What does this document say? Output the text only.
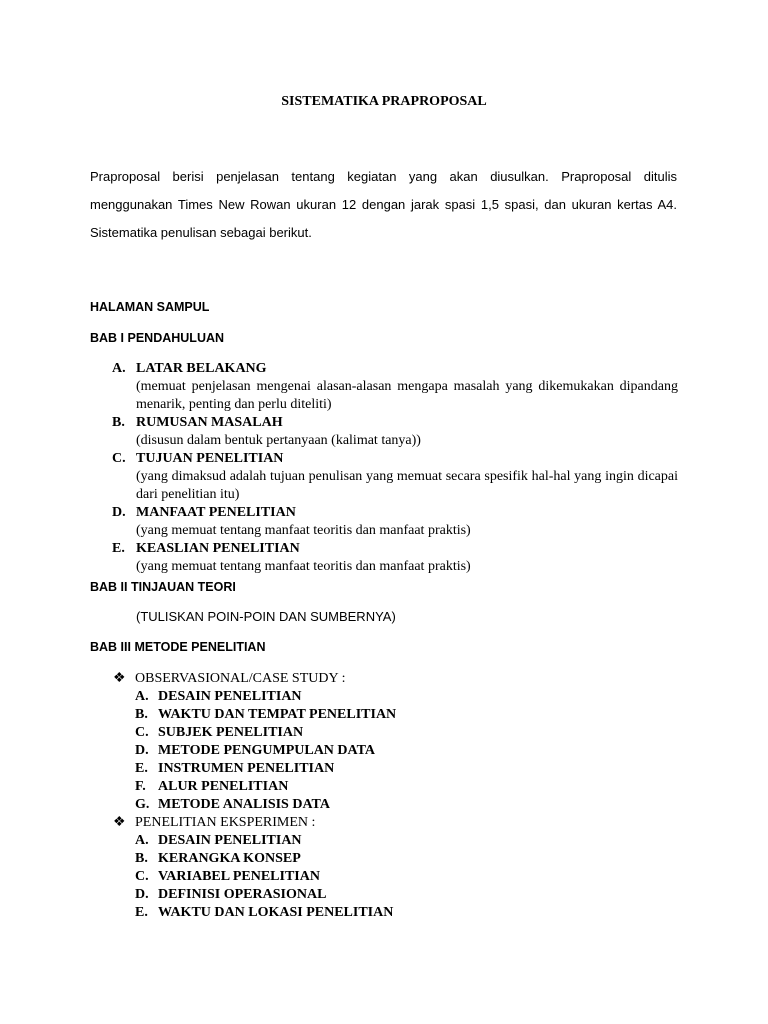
SISTEMATIKA PRAPROPOSAL

Praproposal berisi penjelasan tentang kegiatan yang akan diusulkan. Praproposal ditulis menggunakan Times New Rowan ukuran 12 dengan jarak spasi 1,5 spasi, dan ukuran kertas A4. Sistematika penulisan sebagai berikut.

HALAMAN SAMPUL

BAB I PENDAHULUAN

A. LATAR BELAKANG
(memuat penjelasan mengenai alasan-alasan mengapa masalah yang dikemukakan dipandang menarik, penting dan perlu diteliti)
B. RUMUSAN MASALAH
(disusun dalam bentuk pertanyaan (kalimat tanya))
C. TUJUAN PENELITIAN
(yang dimaksud adalah tujuan penulisan yang memuat secara spesifik hal-hal yang ingin dicapai dari penelitian itu)
D. MANFAAT PENELITIAN
(yang memuat tentang manfaat teoritis dan manfaat praktis)
E. KEASLIAN PENELITIAN
(yang memuat tentang manfaat teoritis dan manfaat praktis)

BAB II TINJAUAN TEORI

(TULISKAN POIN-POIN DAN SUMBERNYA)

BAB III METODE PENELITIAN

❖ OBSERVASIONAL/CASE STUDY :
A. DESAIN PENELITIAN
B. WAKTU DAN TEMPAT PENELITIAN
C. SUBJEK PENELITIAN
D. METODE PENGUMPULAN DATA
E. INSTRUMEN PENELITIAN
F. ALUR PENELITIAN
G. METODE ANALISIS DATA
❖ PENELITIAN EKSPERIMEN :
A. DESAIN PENELITIAN
B. KERANGKA KONSEP
C. VARIABEL PENELITIAN
D. DEFINISI OPERASIONAL
E. WAKTU DAN LOKASI PENELITIAN
